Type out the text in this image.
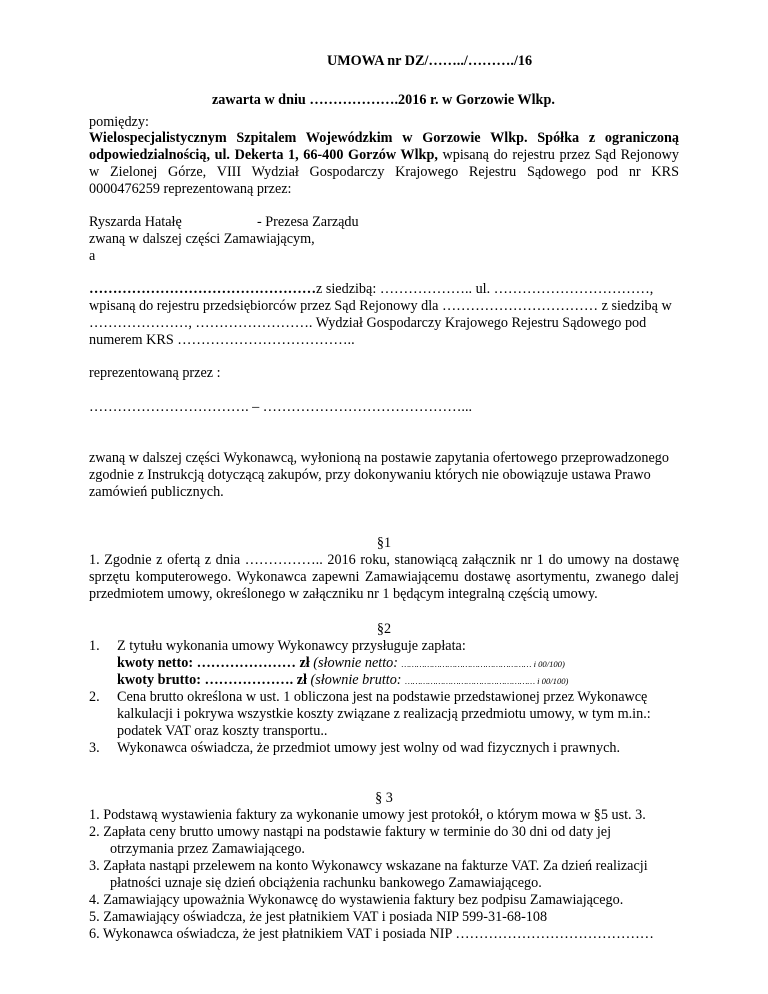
UMOWA nr DZ/……../………./16
zawarta w dniu ……………….2016 r. w Gorzowie Wlkp.
pomiędzy:
Wielospecjalistycznym Szpitalem Wojewódzkim w Gorzowie Wlkp. Spółka z ograniczoną
odpowiedzialnością, ul. Dekerta 1, 66-400 Gorzów Wlkp, wpisaną do rejestru przez Sąd Rejonowy
w Zielonej Górze, VIII Wydział Gospodarczy Krajowego Rejestru Sądowego pod nr KRS
0000476259 reprezentowaną przez:
Ryszarda Hatałę	- Prezesa Zarządu
zwaną w dalszej części Zamawiającym,
a
…………………………………………z siedzibą: ……………….. ul. ……………………………,
wpisaną do rejestru przedsiębiorców przez Sąd Rejonowy dla …………………………… z siedzibą w
…………………, ……………………. Wydział Gospodarczy Krajowego Rejestru Sądowego pod
numerem KRS ………………………………..
reprezentowaną przez :
……………………………. – ……………………………………...
zwaną w dalszej części Wykonawcą, wyłonioną na postawie zapytania ofertowego przeprowadzonego
zgodnie z Instrukcją dotyczącą zakupów, przy dokonywaniu których nie obowiązuje ustawa Prawo
zamówień publicznych.
§1
1. Zgodnie z ofertą z dnia …………….. 2016 roku, stanowiącą załącznik nr 1 do umowy na dostawę
sprzętu komputerowego. Wykonawca zapewni Zamawiającemu dostawę asortymentu, zwanego dalej
przedmiotem umowy, określonego w załączniku nr 1 będącym integralną częścią umowy.
§2
1. Z tytułu wykonania umowy Wykonawcy przysługuje zapłata:
kwoty netto: ………………… zł (słownie netto: …………………………………………… i 00/100)
kwoty brutto: ………………. zł (słownie brutto: …………………………………………… i 00/100)
2. Cena brutto określona w ust. 1 obliczona jest na podstawie przedstawionej przez Wykonawcę
kalkulacji i pokrywa wszystkie koszty związane z realizacją przedmiotu umowy, w tym m.in.:
podatek VAT oraz koszty transportu..
3. Wykonawca oświadcza, że przedmiot umowy jest wolny od wad fizycznych i prawnych.
§ 3
1. Podstawą wystawienia faktury za wykonanie umowy jest protokół, o którym mowa w §5 ust. 3.
2. Zapłata ceny brutto umowy nastąpi na podstawie faktury w terminie do 30 dni od daty jej
otrzymania przez Zamawiającego.
3. Zapłata nastąpi przelewem na konto Wykonawcy wskazane na fakturze VAT. Za dzień realizacji
płatności uznaje się dzień obciążenia rachunku bankowego Zamawiającego.
4. Zamawiający upoważnia Wykonawcę do wystawienia faktury bez podpisu Zamawiającego.
5. Zamawiający oświadcza, że jest płatnikiem VAT i posiada NIP 599-31-68-108
6. Wykonawca oświadcza, że jest płatnikiem VAT i posiada NIP ……………………………………
